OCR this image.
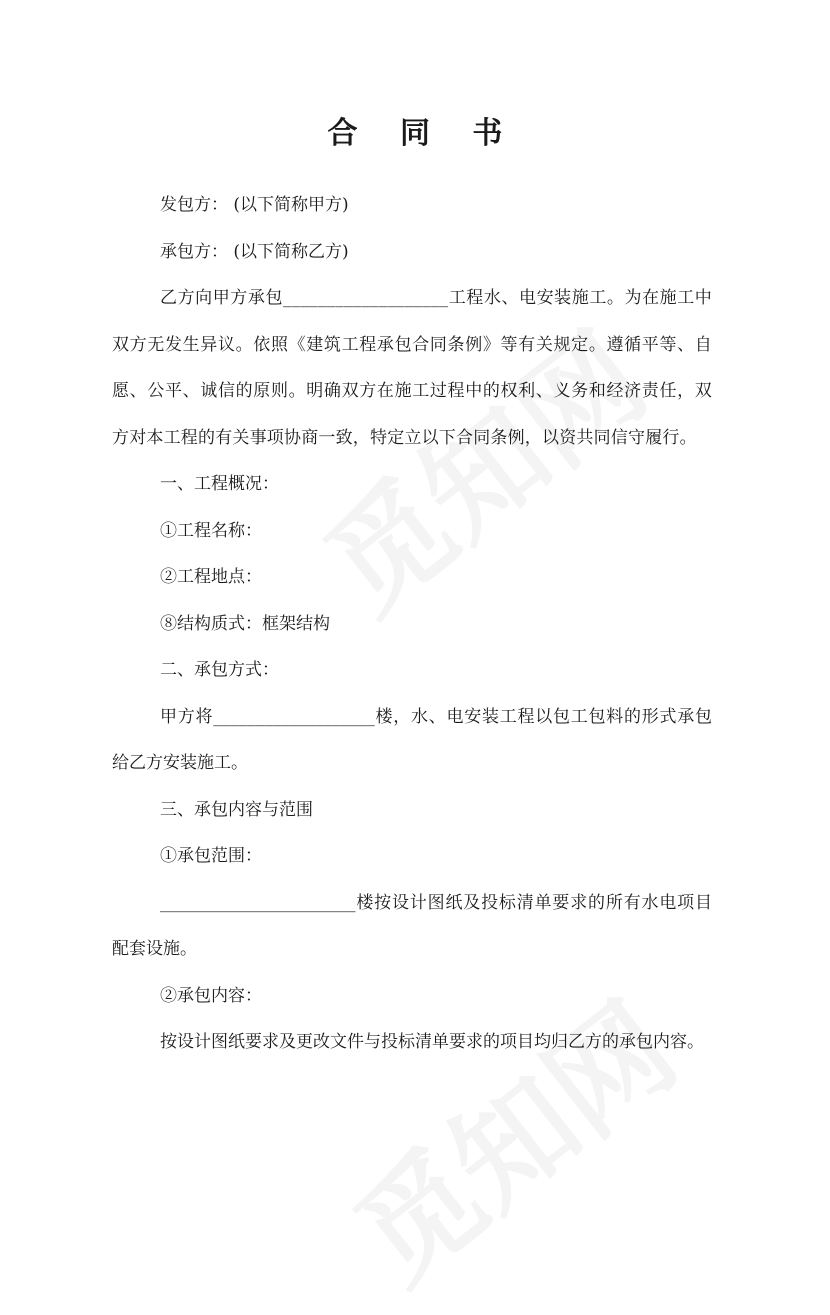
合 同 书

发包方： (以下简称甲方)

承包方： (以下简称乙方)

乙方向甲方承包___________________工程水、电安装施工。为在施工中双方无发生异议。依照《建筑工程承包合同条例》等有关规定。遵循平等、自愿、公平、诚信的原则。明确双方在施工过程中的权利、义务和经济责任，双方对本工程的有关事项协商一致，特定立以下合同条例，以资共同信守履行。

一、工程概况：

①工程名称：

②工程地点：

⑧结构质式：框架结构

二、承包方式：

甲方将___________________楼，水、电安装工程以包工包料的形式承包给乙方安装施工。

三、承包内容与范围

①承包范围：

_______________________楼按设计图纸及投标清单要求的所有水电项目配套设施。

②承包内容：

按设计图纸要求及更改文件与投标清单要求的项目均归乙方的承包内容。
